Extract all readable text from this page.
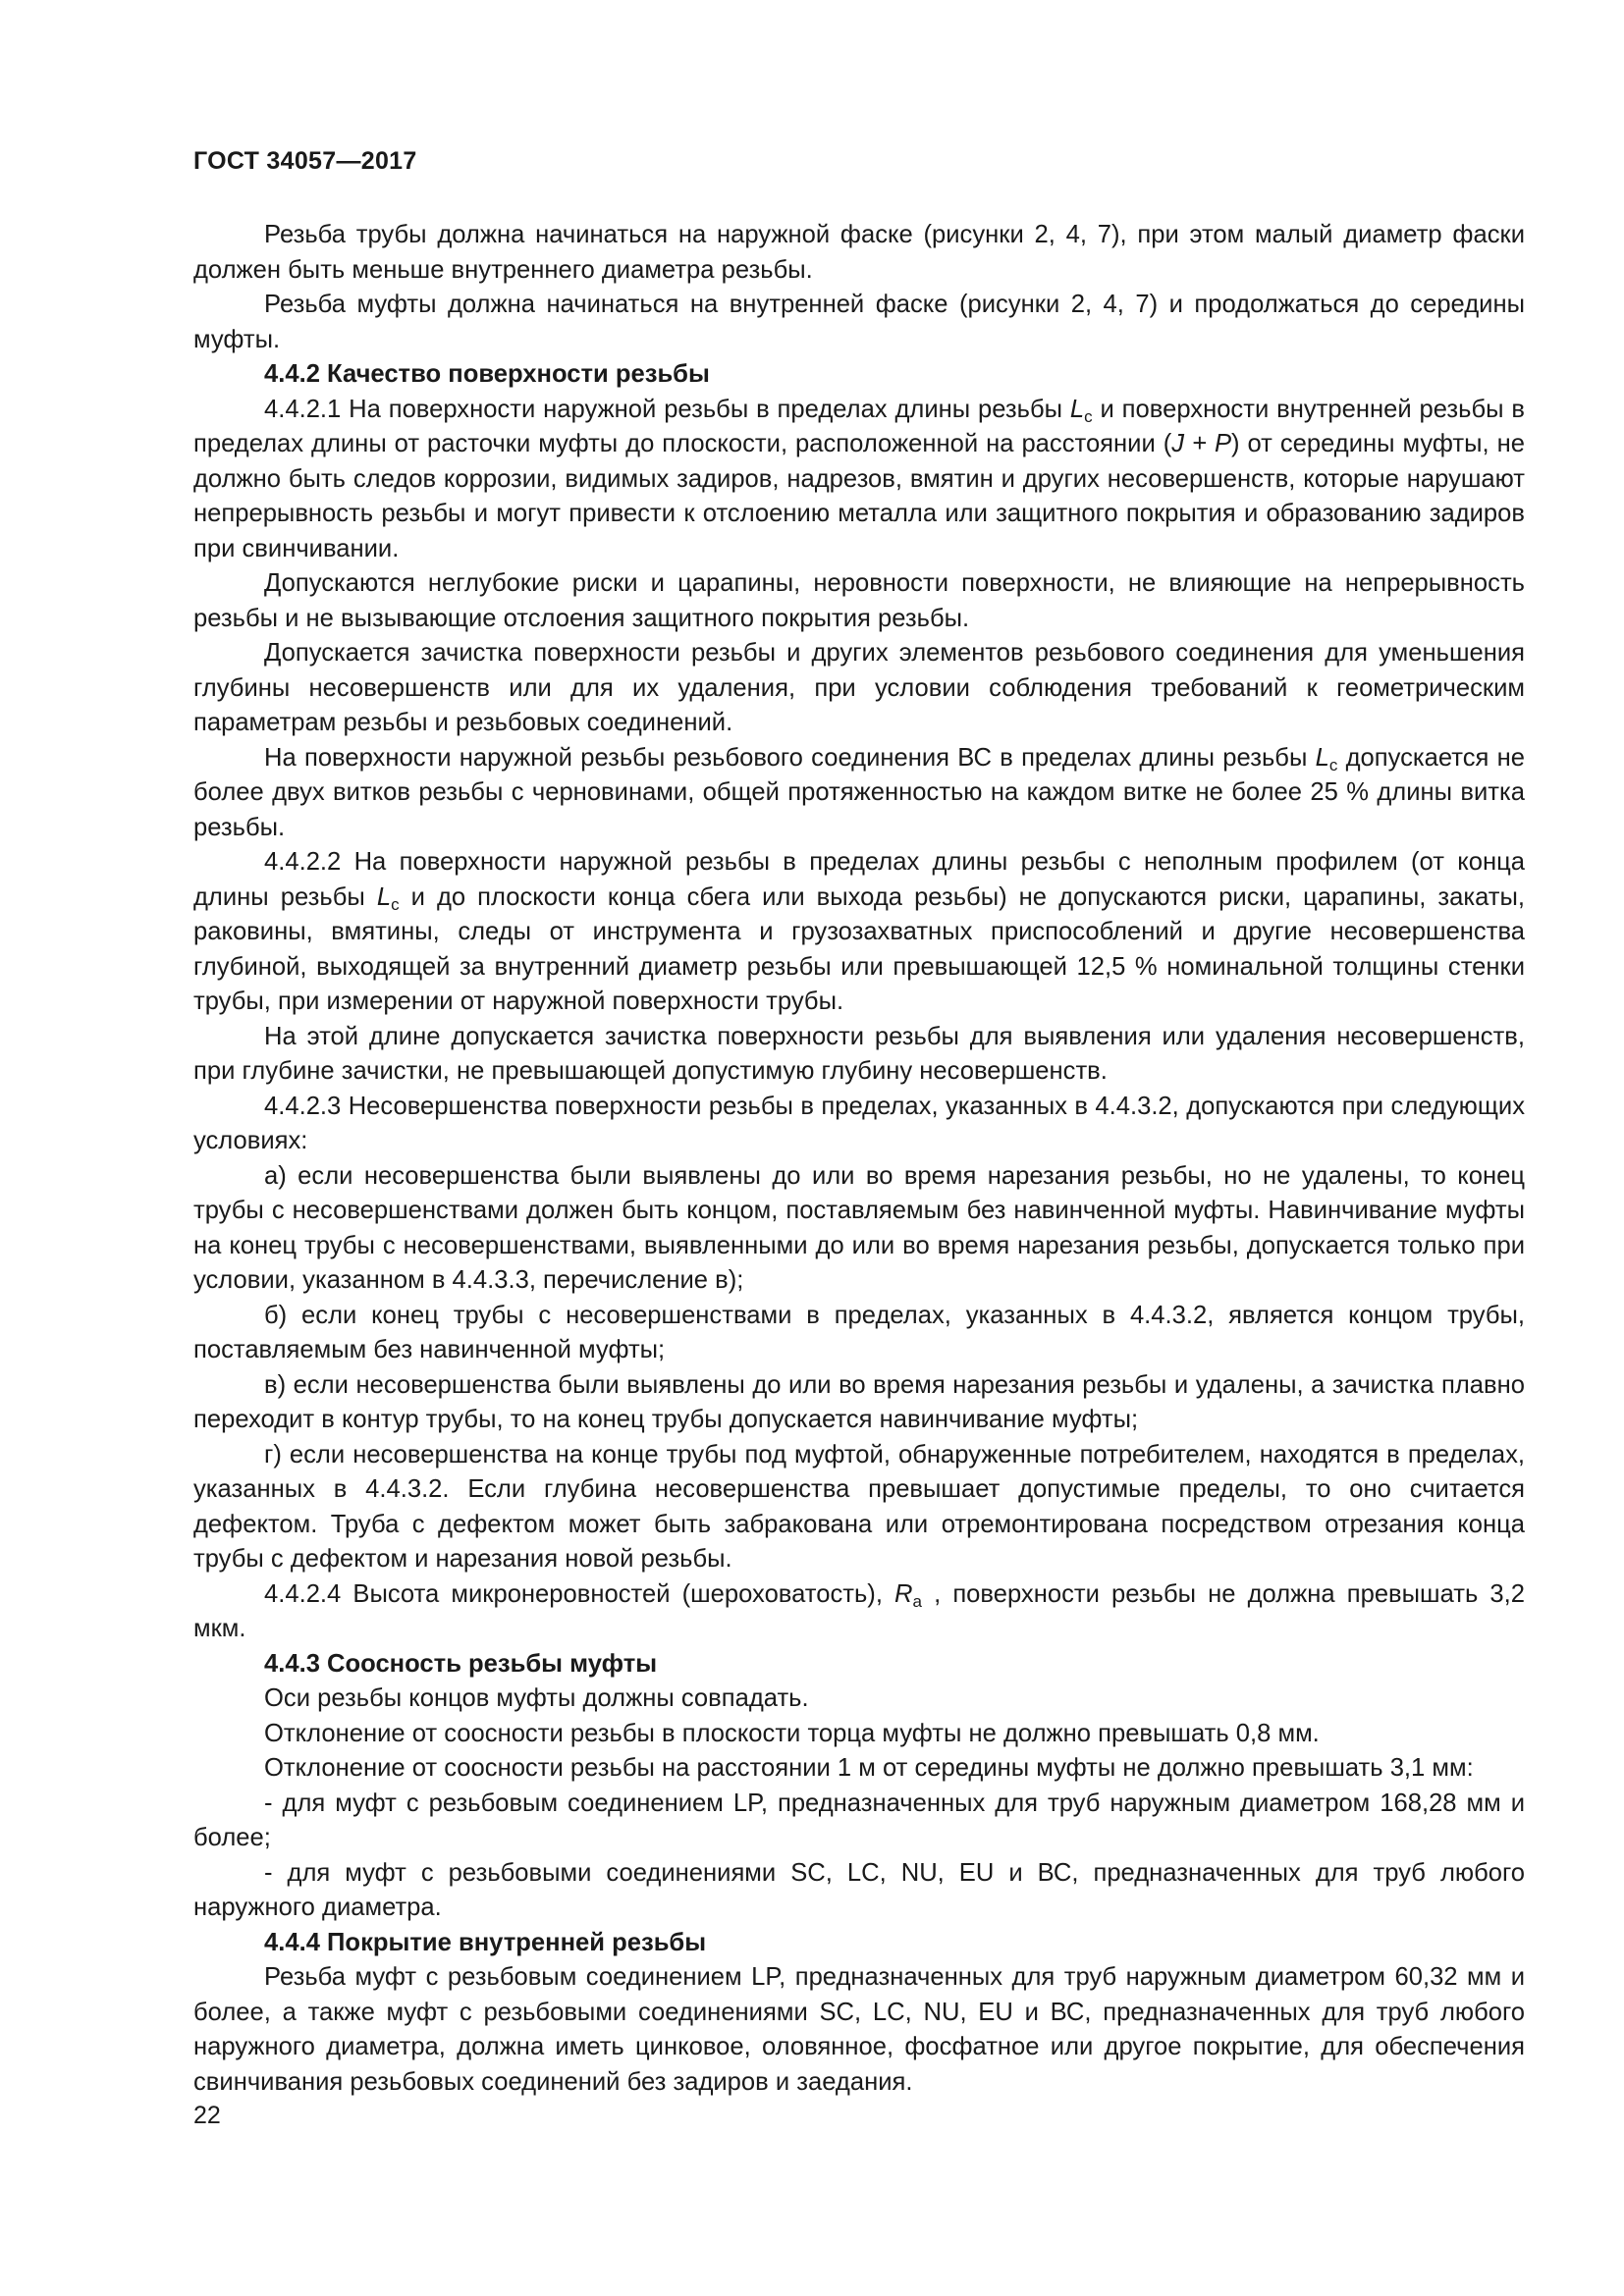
ГОСТ 34057—2017

Резьба трубы должна начинаться на наружной фаске (рисунки 2, 4, 7), при этом малый диаметр фаски должен быть меньше внутреннего диаметра резьбы.

Резьба муфты должна начинаться на внутренней фаске (рисунки 2, 4, 7) и продолжаться до середины муфты.

4.4.2 Качество поверхности резьбы

4.4.2.1 На поверхности наружной резьбы в пределах длины резьбы $L_c$ и поверхности внутренней резьбы в пределах длины от расточки муфты до плоскости, расположенной на расстоянии (J + P) от середины муфты, не должно быть следов коррозии, видимых задиров, надрезов, вмятин и других несовершенств, которые нарушают непрерывность резьбы и могут привести к отслоению металла или защитного покрытия и образованию задиров при свинчивании.

Допускаются неглубокие риски и царапины, неровности поверхности, не влияющие на непрерывность резьбы и не вызывающие отслоения защитного покрытия резьбы.

Допускается зачистка поверхности резьбы и других элементов резьбового соединения для уменьшения глубины несовершенств или для их удаления, при условии соблюдения требований к геометрическим параметрам резьбы и резьбовых соединений.

На поверхности наружной резьбы резьбового соединения ВС в пределах длины резьбы $L_c$ допускается не более двух витков резьбы с черновинами, общей протяженностью на каждом витке не более 25 % длины витка резьбы.

4.4.2.2 На поверхности наружной резьбы в пределах длины резьбы с неполным профилем (от конца длины резьбы $L_c$ и до плоскости конца сбега или выхода резьбы) не допускаются риски, царапины, закаты, раковины, вмятины, следы от инструмента и грузозахватных приспособлений и другие несовершенства глубиной, выходящей за внутренний диаметр резьбы или превышающей 12,5 % номинальной толщины стенки трубы, при измерении от наружной поверхности трубы.

На этой длине допускается зачистка поверхности резьбы для выявления или удаления несовершенств, при глубине зачистки, не превышающей допустимую глубину несовершенств.

4.4.2.3 Несовершенства поверхности резьбы в пределах, указанных в 4.4.3.2, допускаются при следующих условиях:

а) если несовершенства были выявлены до или во время нарезания резьбы, но не удалены, то конец трубы с несовершенствами должен быть концом, поставляемым без навинченной муфты. Навинчивание муфты на конец трубы с несовершенствами, выявленными до или во время нарезания резьбы, допускается только при условии, указанном в 4.4.3.3, перечисление в);

б) если конец трубы с несовершенствами в пределах, указанных в 4.4.3.2, является концом трубы, поставляемым без навинченной муфты;

в) если несовершенства были выявлены до или во время нарезания резьбы и удалены, а зачистка плавно переходит в контур трубы, то на конец трубы допускается навинчивание муфты;

г) если несовершенства на конце трубы под муфтой, обнаруженные потребителем, находятся в пределах, указанных в 4.4.3.2. Если глубина несовершенства превышает допустимые пределы, то оно считается дефектом. Труба с дефектом может быть забракована или отремонтирована посредством отрезания конца трубы с дефектом и нарезания новой резьбы.

4.4.2.4 Высота микронеровностей (шероховатость), $R_a$ , поверхности резьбы не должна превышать 3,2 мкм.

4.4.3 Соосность резьбы муфты

Оси резьбы концов муфты должны совпадать.

Отклонение от соосности резьбы в плоскости торца муфты не должно превышать 0,8 мм.

Отклонение от соосности резьбы на расстоянии 1 м от середины муфты не должно превышать 3,1 мм:

- для муфт с резьбовым соединением LP, предназначенных для труб наружным диаметром 168,28 мм и более;

- для муфт с резьбовыми соединениями SC, LC, NU, EU и ВС, предназначенных для труб любого наружного диаметра.

4.4.4 Покрытие внутренней резьбы

Резьба муфт с резьбовым соединением LP, предназначенных для труб наружным диаметром 60,32 мм и более, а также муфт с резьбовыми соединениями SC, LC, NU, EU и ВС, предназначенных для труб любого наружного диаметра, должна иметь цинковое, оловянное, фосфатное или другое покрытие, для обеспечения свинчивания резьбовых соединений без задиров и заедания.

22
